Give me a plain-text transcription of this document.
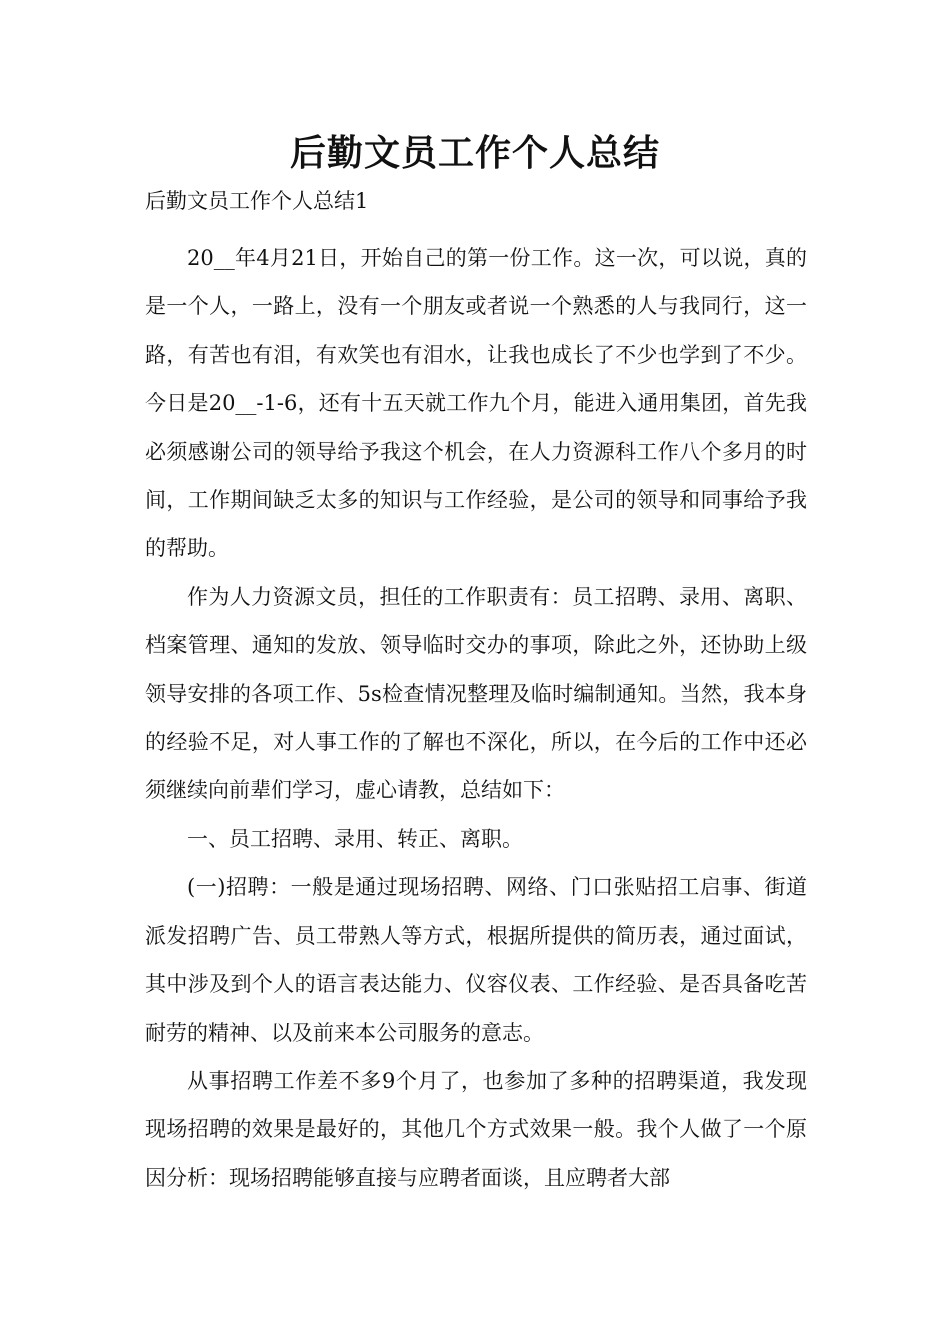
后勤文员工作个人总结

后勤文员工作个人总结1

20__年4月21日，开始自己的第一份工作。这一次，可以说，真的是一个人，一路上，没有一个朋友或者说一个熟悉的人与我同行，这一路，有苦也有泪，有欢笑也有泪水，让我也成长了不少也学到了不少。今日是20__-1-6，还有十五天就工作九个月，能进入通用集团，首先我必须感谢公司的领导给予我这个机会，在人力资源科工作八个多月的时间，工作期间缺乏太多的知识与工作经验，是公司的领导和同事给予我的帮助。

作为人力资源文员，担任的工作职责有：员工招聘、录用、离职、档案管理、通知的发放、领导临时交办的事项，除此之外，还协助上级领导安排的各项工作、5s检查情况整理及临时编制通知。当然，我本身的经验不足，对人事工作的了解也不深化，所以，在今后的工作中还必须继续向前辈们学习，虚心请教，总结如下：

一、员工招聘、录用、转正、离职。

(一)招聘：一般是通过现场招聘、网络、门口张贴招工启事、街道派发招聘广告、员工带熟人等方式，根据所提供的简历表，通过面试，其中涉及到个人的语言表达能力、仪容仪表、工作经验、是否具备吃苦耐劳的精神、以及前来本公司服务的意志。

从事招聘工作差不多9个月了，也参加了多种的招聘渠道，我发现现场招聘的效果是最好的，其他几个方式效果一般。我个人做了一个原因分析：现场招聘能够直接与应聘者面谈，且应聘者大部
